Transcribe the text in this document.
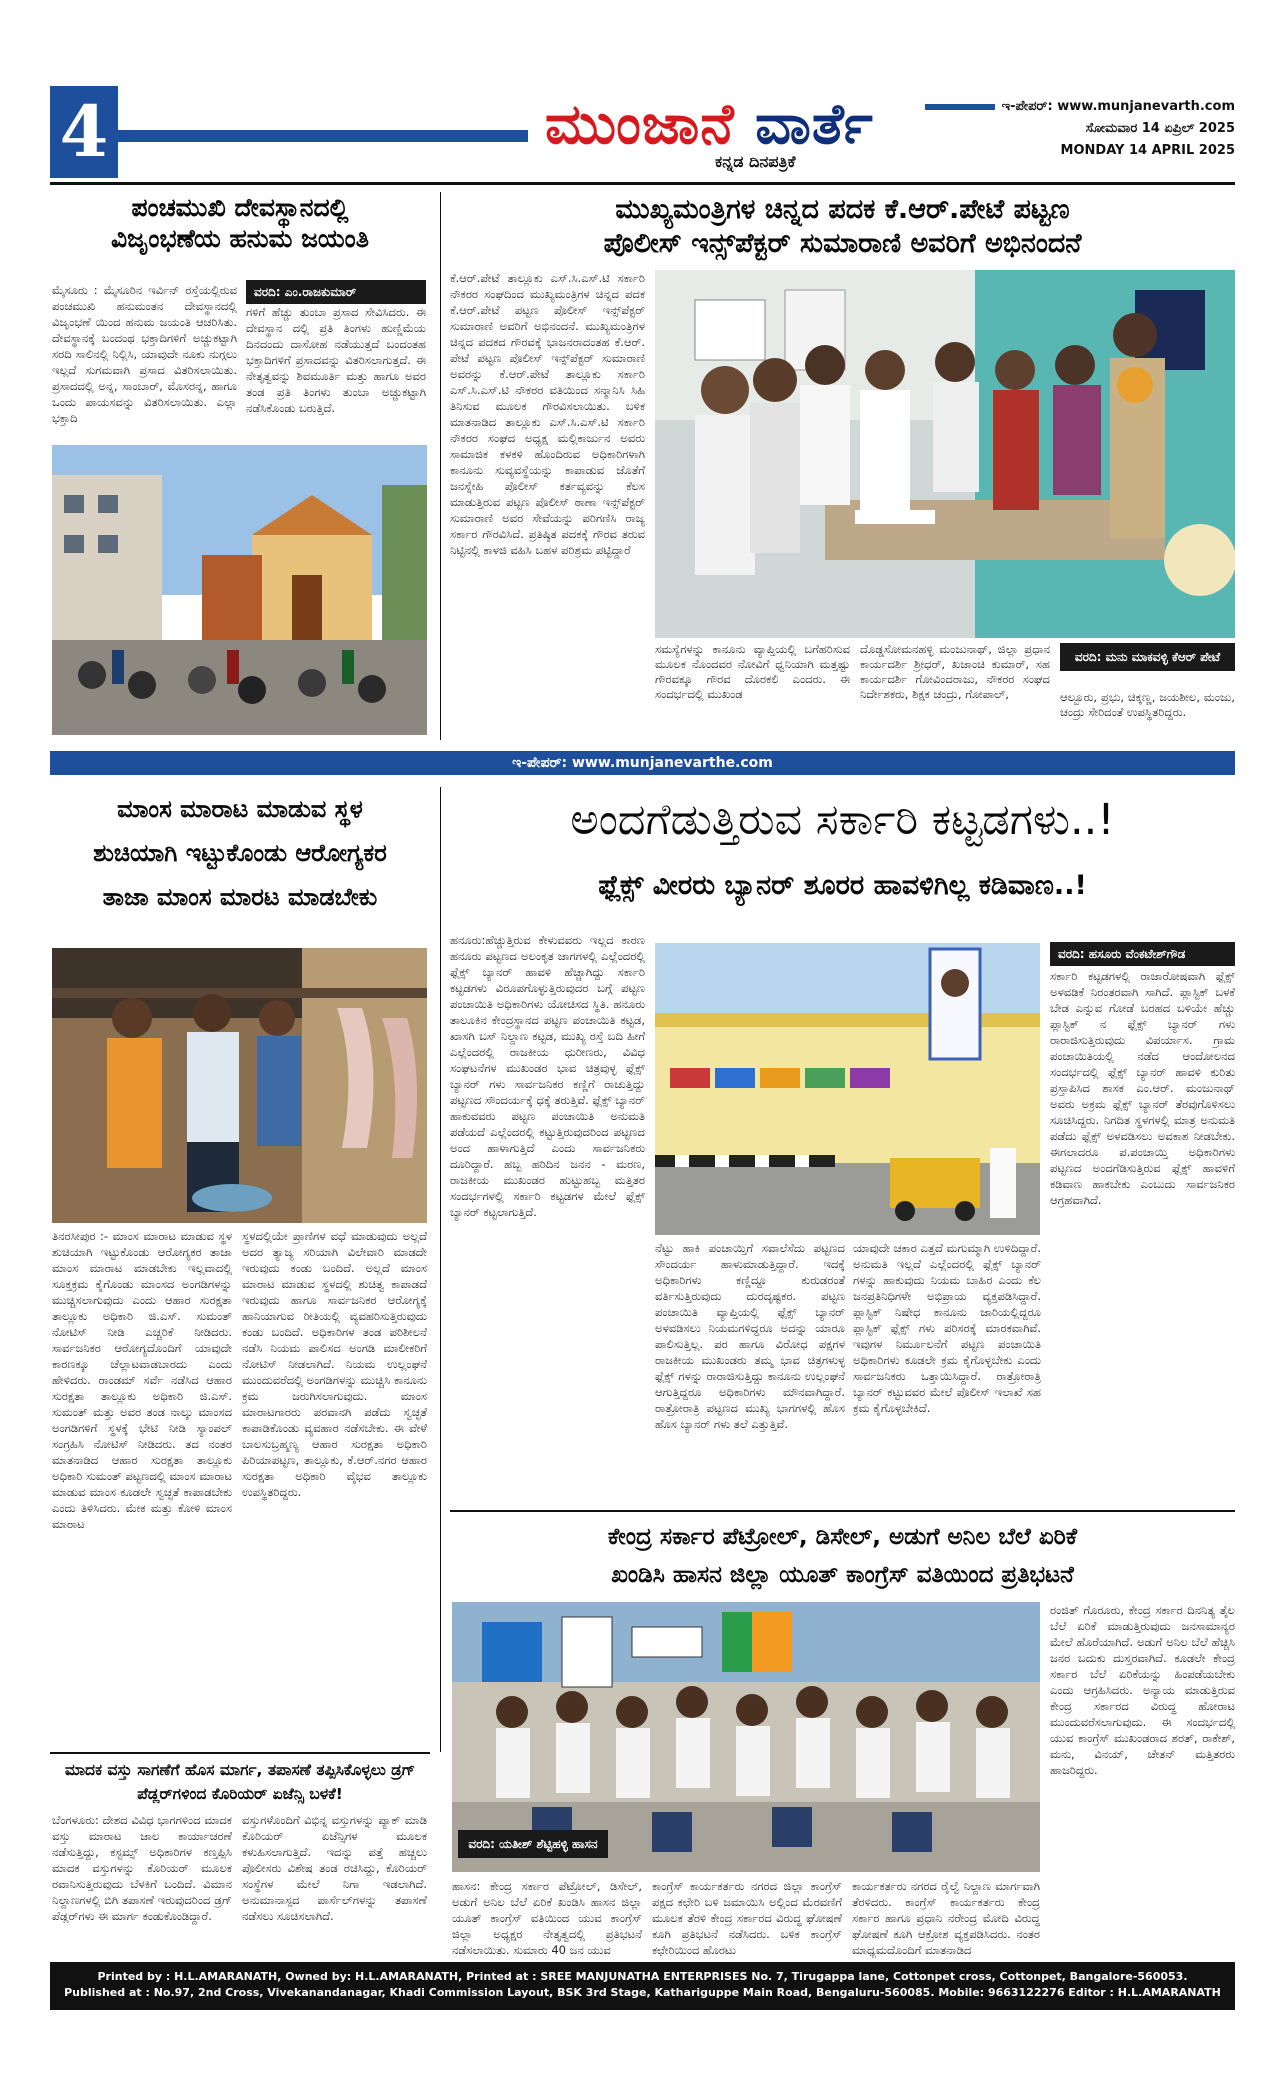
4	ಮುಂಜಾನೆ ವಾರ್ತೆ
ಕನ್ನಡ ದಿನಪತ್ರಿಕೆ
ಇ-ಪೇಪರ್: www.munjanevarth.com
ಸೋಮವಾರ 14 ಏಪ್ರಿಲ್ 2025
MONDAY 14 APRIL 2025
ಪಂಚಮುಖಿ ದೇವಸ್ಥಾನದಲ್ಲಿ
ವಿಜೃಂಭಣೆಯ ಹನುಮ ಜಯಂತಿ
ಮೈಸೂರು : ಮೈಸೂರಿನ ಇರ್ವಿನ್ ರಸ್ತೆಯಲ್ಲಿರುವ ಪಂಚಮುಖಿ ಹನುಮಂತನ ದೇವಸ್ಥಾನದಲ್ಲಿ ವಿಜೃಂಭಣೆ ಯಿಂದ ಹನುಮ ಜಯಂತಿ ಆಚರಿಸಿತು. ದೇವಸ್ಥಾನಕ್ಕೆ ಬಂದಂಥ ಭಕ್ತಾದಿಗಳಿಗೆ ಅಚ್ಚುಕಟ್ಟಾಗಿ ಸರದಿ ಸಾಲಿನಲ್ಲಿ ನಿಲ್ಲಿಸಿ, ಯಾವುದೇ ನೂಕು ನುಗ್ಗಲು ಇಲ್ಲದೆ ಸುಗಮವಾಗಿ ಪ್ರಸಾದ ವಿತರಿಸಲಾಯಿತು. ಪ್ರಸಾದದಲ್ಲಿ ಅನ್ನ, ಸಾಂಬಾರ್, ಮೊಸರನ್ನ, ಹಾಗೂ ಒಂದು ಪಾಯಸವನ್ನು ವಿತರಿಸಲಾಯಿತು. ಎಲ್ಲಾ ಭಕ್ತಾದಿ
ವರದಿ: ಎಂ.ರಾಜಕುಮಾರ್
ಗಳಿಗೆ ಹೆಚ್ಚು ತುಂಬಾ ಪ್ರಸಾದ ಸೇವಿಸಿದರು. ಈ ದೇವಸ್ಥಾನ ದಲ್ಲಿ ಪ್ರತಿ ತಿಂಗಳು ಹುಣ್ಣಿಮೆಯ ದಿನದಂದು ದಾಸೋಹ ನಡೆಯುತ್ತದೆ ಬಂದಂತಹ ಭಕ್ತಾದಿಗಳಿಗೆ ಪ್ರಸಾದವನ್ನು ವಿತರಿಸಲಾಗುತ್ತದೆ. ಈ ನೇತೃತ್ವವನ್ನು ಶಿವಮೂರ್ತಿ ಮತ್ತು ಹಾಗೂ ಅವರ ತಂಡ ಪ್ರತಿ ತಿಂಗಳು ತುಂಬಾ ಅಚ್ಚುಕಟ್ಟಾಗಿ ನಡೆಸಿಕೊಂಡು ಬರುತ್ತಿದೆ.
ಮುಖ್ಯಮಂತ್ರಿಗಳ ಚಿನ್ನದ ಪದಕ ಕೆ.ಆರ್.ಪೇಟೆ ಪಟ್ಟಣ
ಪೊಲೀಸ್ ಇನ್ಸ್‌ಪೆಕ್ಟರ್ ಸುಮಾರಾಣಿ ಅವರಿಗೆ ಅಭಿನಂದನೆ
ಕೆ.ಆರ್.ಪೇಟೆ ತಾಲ್ಲೂಕು ಎಸ್.ಸಿ.ಎಸ್.ಟಿ ಸರ್ಕಾರಿ ನೌಕರರ ಸಂಘದಿಂದ ಮುಖ್ಯಮಂತ್ರಿಗಳ ಚಿನ್ನದ ಪದಕ ಕೆ.ಆರ್.ಪೇಟೆ ಪಟ್ಟಣ ಪೊಲೀಸ್ ಇನ್ಸ್‌ಪೆಕ್ಟರ್ ಸುಮಾರಾಣಿ ಅವರಿಗೆ ಅಭಿನಂದನೆ. ಮುಖ್ಯಮಂತ್ರಿಗಳ ಚಿನ್ನದ ಪದಕದ ಗೌರವಕ್ಕೆ ಭಾಜನರಾದಂತಹ ಕೆ.ಆರ್. ಪೇಟೆ ಪಟ್ಟಣ ಪೊಲೀಸ್ ಇನ್ಸ್‌ಪೆಕ್ಟರ್ ಸುಮಾರಾಣಿ ಅವರನ್ನು ಕೆ.ಆರ್.ಪೇಟೆ ತಾಲ್ಲೂಕು ಸರ್ಕಾರಿ ಎಸ್.ಸಿ.ಎಸ್.ಟಿ ನೌಕರರ ವತಿಯಿಂದ ಸನ್ಮಾನಿಸಿ ಸಿಹಿ ತಿನಿಸುವ ಮೂಲಕ ಗೌರವಿಸಲಾಯಿತು. ಬಳಿಕ ಮಾತನಾಡಿದ ತಾಲ್ಲೂಕು ಎಸ್.ಸಿ.ಎಸ್.ಟಿ ಸರ್ಕಾರಿ ನೌಕರರ ಸಂಘದ ಅಧ್ಯಕ್ಷ ಮಲ್ಲಿಕಾರ್ಜುನ ಅವರು ಸಾಮಾಜಿಕ ಕಳಕಳಿ ಹೊಂದಿರುವ ಅಧಿಕಾರಿಗಳಾಗಿ ಕಾನೂನು ಸುವ್ಯವಸ್ಥೆಯನ್ನು ಕಾಪಾಡುವ ಜೊತೆಗೆ ಜನಸ್ನೇಹಿ ಪೊಲೀಸ್ ಕರ್ತವ್ಯವನ್ನು ಕೆಲಸ ಮಾಡುತ್ತಿರುವ ಪಟ್ಟಣ ಪೊಲೀಸ್ ಠಾಣಾ ಇನ್ಸ್‌ಪೆಕ್ಟರ್ ಸುಮಾರಾಣಿ ಅವರ ಸೇವೆಯನ್ನು ಪರಿಗಣಿಸಿ ರಾಜ್ಯ ಸರ್ಕಾರ ಗೌರವಿಸಿದೆ. ಪ್ರತಿಷ್ಠಿತ ಪದಕಕ್ಕೆ ಗೌರವ ತರುವ ನಿಟ್ಟಿನಲ್ಲಿ ಕಾಳಜಿ ವಹಿಸಿ ಬಹಳ ಪರಿಶ್ರಮ ಪಟ್ಟಿದ್ದಾರೆ
ಸಮಸ್ಯೆಗಳನ್ನು ಕಾನೂನು ವ್ಯಾಪ್ತಿಯಲ್ಲಿ ಬಗೆಹರಿಸುವ ಮೂಲಕ ನೊಂದವರ ನೋವಿಗೆ ಧ್ವನಿಯಾಗಿ ಮತ್ತಷ್ಟು ಗೌರವಕ್ಕೂ ಗೌರವ ದೊರಕಲಿ ಎಂದರು. ಈ ಸಂದರ್ಭದಲ್ಲಿ ಮುಖಂಡ
ದೊಡ್ಡಸೋಮನಹಳ್ಳಿ ಮಂಜುನಾಥ್, ಜಿಲ್ಲಾ ಪ್ರಧಾನ ಕಾರ್ಯದರ್ಶಿ ಶ್ರೀಧರ್, ಖಜಾಂಚಿ ಕುಮಾರ್, ಸಹ ಕಾರ್ಯದರ್ಶಿ ಗೋವಿಂದರಾಜು, ನೌಕರರ ಸಂಘದ ನಿರ್ದೇಶಕರು, ಶಿಕ್ಷಕ ಚಂದ್ರು, ಗೋಪಾಲ್,
ವರದಿ: ಮನು ಮಾಕವಳ್ಳಿ ಕೆಆರ್ ಪೇಟೆ
ಆಲ್ಬೂರು, ಪ್ರಭು, ಚಿಕ್ಕಣ್ಣ, ಜಯಶೀಲ, ಮಂಜು, ಚಂದ್ರು ಸೇರಿದಂತೆ ಉಪಸ್ಥಿತರಿದ್ದರು.
ಇ-ಪೇಪರ್: www.munjanevarthe.com
ಮಾಂಸ ಮಾರಾಟ ಮಾಡುವ ಸ್ಥಳ
ಶುಚಿಯಾಗಿ ಇಟ್ಟುಕೊಂಡು ಆರೋಗ್ಯಕರ
ತಾಜಾ ಮಾಂಸ ಮಾರಟ ಮಾಡಬೇಕು
ತಿನರಸೀಪುರ :- ಮಾಂಸ ಮಾರಾಟ ಮಾಡುವ ಸ್ಥಳ ಶುಚಿಯಾಗಿ ಇಟ್ಟುಕೊಂಡು ಆರೋಗ್ಯಕರ ತಾಜಾ ಮಾಂಸ ಮಾರಾಟ ಮಾಡಬೇಕು ಇಲ್ಲವಾದಲ್ಲಿ ಸೂಕ್ತಕ್ರಮ ಕೈಗೊಂಡು ಮಾಂಸದ ಅಂಗಡಿಗಳನ್ನು ಮುಚ್ಚಿಸಲಾಗುವುದು ಎಂದು ಆಹಾರ ಸುರಕ್ಷತಾ ತಾಲ್ಲೂಕು ಅಧಿಕಾರಿ ಜಿ.ಎಸ್. ಸುಮಂತ್ ನೋಟಿಸ್ ನೀಡಿ ಎಚ್ಚರಿಕೆ ನೀಡಿದರು. ಸಾರ್ವಜನಿಕರ ಆರೋಗ್ಯದೊಂದಿಗೆ ಯಾವುದೇ ಕಾರಣಕ್ಕೂ ಚೆಲ್ಲಾಟವಾಡಬಾರದು ಎಂದು ಹೇಳಿದರು. ರಾಂಡಮ್ ಸರ್ವೆ ನಡೆಸಿದ ಆಹಾರ ಸುರಕ್ಷತಾ ತಾಲ್ಲೂಕು ಅಧಿಕಾರಿ ಜಿ.ಎಸ್. ಸುಮಂತ್ ಮತ್ತು ಅವರ ತಂಡ ನಾಲ್ಕು ಮಾಂಸದ ಅಂಗಡಿಗಳಿಗೆ ಸ್ಥಳಕ್ಕೆ ಭೇಟಿ ನೀಡಿ ಸ್ಯಾಂಪಲ್ ಸಂಗ್ರಹಿಸಿ ನೋಟಿಸ್ ನೀಡಿದರು. ತದ ನಂತರ ಮಾತನಾಡಿದ ಆಹಾರ ಸುರಕ್ಷತಾ ತಾಲ್ಲೂಕು ಅಧಿಕಾರಿ ಸುಮಂತ್ ಪಟ್ಟಣದಲ್ಲಿ ಮಾಂಸ ಮಾರಾಟ ಮಾಡುವ ಮಾಂಸ ಕೂಡಲೇ ಸ್ವಚ್ಛತೆ ಕಾಪಾಡಬೇಕು ಎಂದು ತಿಳಿಸಿದರು. ಮೇಕ ಮತ್ತು ಕೋಳಿ ಮಾಂಸ ಮಾರಾಟ
ಸ್ಥಳದಲ್ಲಿಯೇ ಪ್ರಾಣಿಗಳ ವಧೆ ಮಾಡುವುದು ಅಲ್ಲದೆ ಅದರ ತ್ಯಾಜ್ಯ ಸರಿಯಾಗಿ ವಿಲೇವಾರಿ ಮಾಡದೇ ಇರುವುದು ಕಂಡು ಬಂದಿದೆ. ಅಲ್ಲದೆ ಮಾಂಸ ಮಾರಾಟ ಮಾಡುವ ಸ್ಥಳದಲ್ಲಿ ಶುಚಿತ್ವ ಕಾಪಾಡದೆ ಇರುವುದು ಹಾಗೂ ಸಾರ್ವಜನಿಕರ ಆರೋಗ್ಯಕ್ಕೆ ಹಾನಿಯಾಗುವ ರೀತಿಯಲ್ಲಿ ವ್ಯವಹರಿಸುತ್ತಿರುವುದು ಕಂಡು ಬಂದಿದೆ. ಅಧಿಕಾರಿಗಳ ತಂಡ ಪರಿಶೀಲನೆ ನಡೆಸಿ ನಿಯಮ ಪಾಲಿಸದ ಅಂಗಡಿ ಮಾಲೀಕರಿಗೆ ನೋಟಿಸ್ ನೀಡಲಾಗಿದೆ. ನಿಯಮ ಉಲ್ಲಂಘನೆ ಮುಂದುವರೆದಲ್ಲಿ ಅಂಗಡಿಗಳನ್ನು ಮುಚ್ಚಿಸಿ ಕಾನೂನು ಕ್ರಮ ಜರುಗಿಸಲಾಗುವುದು. ಮಾಂಸ ಮಾರಾಟಗಾರರು ಪರವಾನಗಿ ಪಡೆದು ಸ್ವಚ್ಛತೆ ಕಾಪಾಡಿಕೊಂಡು ವ್ಯವಹಾರ ನಡೆಸಬೇಕು. ಈ ವೇಳೆ ಬಾಲಸುಬ್ರಹ್ಮಣ್ಯ ಆಹಾರ ಸುರಕ್ಷತಾ ಅಧಿಕಾರಿ ಪಿರಿಯಾಪಟ್ಟಣ, ತಾಲ್ಲೂಕು, ಕೆ.ಆರ್.ನಗರ ಆಹಾರ ಸುರಕ್ಷತಾ ಅಧಿಕಾರಿ ವೈಭವ ತಾಲ್ಲೂಕು ಉಪಸ್ಥಿತರಿದ್ದರು.
ಅಂದಗೆಡುತ್ತಿರುವ ಸರ್ಕಾರಿ ಕಟ್ಟಡಗಳು..!
ಫ್ಲೆಕ್ಸ್ ವೀರರು ಬ್ಯಾನರ್ ಶೂರರ ಹಾವಳಿಗಿಲ್ಲ ಕಡಿವಾಣ..!
ಹನೂರು:ಹೆಚ್ಚುತ್ತಿರುವ ಕೇಳುವವರು ಇಲ್ಲದ ಕಾರಣ ಹನೂರು ಪಟ್ಟಣದ ಅಲಂಕೃತ ಜಾಗಗಳಲ್ಲಿ ಎಲ್ಲೆಂದರಲ್ಲಿ ಫ್ಲೆಕ್ಸ್ ಬ್ಯಾನರ್ ಹಾವಳಿ ಹೆಚ್ಚಾಗಿದ್ದು ಸರ್ಕಾರಿ ಕಟ್ಟಡಗಳು ವಿರೂಪಗೊಳ್ಳುತ್ತಿರುವುದರ ಬಗ್ಗೆ ಪಟ್ಟಣ ಪಂಚಾಯಿತಿ ಅಧಿಕಾರಿಗಳು ಯೋಚಿಸದ ಸ್ಥಿತಿ. ಹನೂರು ತಾಲೂಕಿನ ಕೇಂದ್ರಸ್ಥಾನದ ಪಟ್ಟಣ ಪಂಚಾಯಿತಿ ಕಟ್ಟಡ, ಖಾಸಗಿ ಬಸ್ ನಿಲ್ದಾಣ ಕಟ್ಟಡ, ಮುಖ್ಯ ರಸ್ತೆ ಬದಿ ಹೀಗೆ ಎಲ್ಲೆಂದರಲ್ಲಿ ರಾಜಕೀಯ ಧುರೀಣರು, ವಿವಿಧ ಸಂಘಟನೆಗಳ ಮುಖಂಡರ ಭಾವ ಚಿತ್ರವುಳ್ಳ ಫ್ಲೆಕ್ಸ್ ಬ್ಯಾನರ್ ಗಳು ಸಾರ್ವಜನಿಕರ ಕಣ್ಣಿಗೆ ರಾಚುತ್ತಿದ್ದು ಪಟ್ಟಣದ ಸೌಂದರ್ಯಕ್ಕೆ ಧಕ್ಕೆ ತರುತ್ತಿವೆ. ಫ್ಲೆಕ್ಸ್ ಬ್ಯಾನರ್ ಹಾಕುವವರು ಪಟ್ಟಣ ಪಂಚಾಯಿತಿ ಅನುಮತಿ ಪಡೆಯದೆ ಎಲ್ಲೆಂದರಲ್ಲಿ ಕಟ್ಟುತ್ತಿರುವುದರಿಂದ ಪಟ್ಟಣದ ಅಂದ ಹಾಳಾಗುತ್ತಿದೆ ಎಂದು ಸಾರ್ವಜನಿಕರು ದೂರಿದ್ದಾರೆ. ಹಬ್ಬ ಹರಿದಿನ ಜನನ - ಮರಣ, ರಾಜಕೀಯ ಮುಖಂಡರ ಹುಟ್ಟುಹಬ್ಬ ಮತ್ತಿತರ ಸಂದರ್ಭಗಳಲ್ಲಿ ಸರ್ಕಾರಿ ಕಟ್ಟಡಗಳ ಮೇಲೆ ಫ್ಲೆಕ್ಸ್ ಬ್ಯಾನರ್ ಕಟ್ಟಲಾಗುತ್ತಿದೆ.
ನೆಟ್ಟು ಹಾಕಿ ಪಂಚಾಯ್ತಿಗೆ ಸವಾಲೆಸೆದು ಪಟ್ಟಣದ ಸೌಂದರ್ಯ ಹಾಳುಮಾಡುತ್ತಿದ್ದಾರೆ. ಇದಕ್ಕೆ ಅಧಿಕಾರಿಗಳು ಕಣ್ಣಿದ್ದೂ ಕುರುಡರಂತೆ ವರ್ತಿಸುತ್ತಿರುವುದು ದುರದೃಷ್ಟಕರ. ಪಟ್ಟಣ ಪಂಚಾಯಿತಿ ವ್ಯಾಪ್ತಿಯಲ್ಲಿ ಫ್ಲೆಕ್ಸ್ ಬ್ಯಾನರ್ ಅಳವಡಿಸಲು ನಿಯಮಗಳಿದ್ದರೂ ಅದನ್ನು ಯಾರೂ ಪಾಲಿಸುತ್ತಿಲ್ಲ. ಪರ ಹಾಗೂ ವಿರೋಧ ಪಕ್ಷಗಳ ರಾಜಕೀಯ ಮುಖಂಡರು ತಮ್ಮ ಭಾವ ಚಿತ್ರಗಳುಳ್ಳ ಫ್ಲೆಕ್ಸ್ ಗಳನ್ನು ರಾರಾಜಿಸುತ್ತಿದ್ದು ಕಾನೂನು ಉಲ್ಲಂಘನೆ ಆಗುತ್ತಿದ್ದರೂ ಅಧಿಕಾರಿಗಳು ಮೌನವಾಗಿದ್ದಾರೆ. ರಾತ್ರೋರಾತ್ರಿ ಪಟ್ಟಣದ ಮುಖ್ಯ ಭಾಗಗಳಲ್ಲಿ ಹೊಸ ಹೊಸ ಬ್ಯಾನರ್ ಗಳು ತಲೆ ಎತ್ತುತ್ತಿವೆ.
ಯಾವುದೇ ಚಕಾರ ಎತ್ತದೆ ಮಗುಮ್ಮಾಗಿ ಉಳಿದಿದ್ದಾರೆ. ಅನುಮತಿ ಇಲ್ಲದೆ ಎಲ್ಲೆಂದರಲ್ಲಿ ಫ್ಲೆಕ್ಸ್ ಬ್ಯಾನರ್ ಗಳನ್ನು ಹಾಕುವುದು ನಿಯಮ ಬಾಹಿರ ಎಂದು ಕೆಲ ಜನಪ್ರತಿನಿಧಿಗಳೇ ಅಭಿಪ್ರಾಯ ವ್ಯಕ್ತಪಡಿಸಿದ್ದಾರೆ. ಪ್ಲಾಸ್ಟಿಕ್ ನಿಷೇಧ ಕಾನೂನು ಜಾರಿಯಲ್ಲಿದ್ದರೂ ಪ್ಲಾಸ್ಟಿಕ್ ಫ್ಲೆಕ್ಸ್ ಗಳು ಪರಿಸರಕ್ಕೆ ಮಾರಕವಾಗಿವೆ. ಇವುಗಳ ನಿರ್ಮೂಲನೆಗೆ ಪಟ್ಟಣ ಪಂಚಾಯಿತಿ ಅಧಿಕಾರಿಗಳು ಕೂಡಲೇ ಕ್ರಮ ಕೈಗೊಳ್ಳಬೇಕು ಎಂದು ಸಾರ್ವಜನಿಕರು ಒತ್ತಾಯಿಸಿದ್ದಾರೆ. ರಾತ್ರೋರಾತ್ರಿ ಬ್ಯಾನರ್ ಕಟ್ಟುವವರ ಮೇಲೆ ಪೊಲೀಸ್ ಇಲಾಖೆ ಸಹ ಕ್ರಮ ಕೈಗೊಳ್ಳಬೇಕಿದೆ.
ವರದಿ: ಹಸೂರು ವೆಂಕಟೇಶ್‌ಗೌಡ
ಸರ್ಕಾರಿ ಕಟ್ಟಡಗಳಲ್ಲಿ ರಾಜಾರೋಷವಾಗಿ ಫ್ಲೆಕ್ಸ್ ಅಳವಡಿಕೆ ನಿರಂತರವಾಗಿ ಸಾಗಿದೆ. ಪ್ಲಾಸ್ಟಿಕ್ ಬಳಕೆ ಬೇಡ ಎನ್ನುವ ಗೋಡೆ ಬರಹದ ಬಳಿಯೇ ಹೆಚ್ಚು ಪ್ಲಾಸ್ಟಿಕ್ ನ ಫ್ಲೆಕ್ಸ್ ಬ್ಯಾನರ್ ಗಳು ರಾರಾಜಿಸುತ್ತಿರುವುದು ವಿಪರ್ಯಾಸ. ಗ್ರಾಮ ಪಂಚಾಯಿತಿಯಲ್ಲಿ ನಡೆದ ಆಂದೋಲನದ ಸಂದರ್ಭದಲ್ಲಿ ಫ್ಲೆಕ್ಸ್ ಬ್ಯಾನರ್ ಹಾವಳಿ ಕುರಿತು ಪ್ರಸ್ತಾಪಿಸಿದ ಶಾಸಕ ಎಂ.ಆರ್. ಮಂಜುನಾಥ್ ಅವರು ಅಕ್ರಮ ಫ್ಲೆಕ್ಸ್ ಬ್ಯಾನರ್ ತೆರವುಗೊಳಿಸಲು ಸೂಚಿಸಿದ್ದರು. ನಿಗದಿತ ಸ್ಥಳಗಳಲ್ಲಿ ಮಾತ್ರ ಅನುಮತಿ ಪಡೆದು ಫ್ಲೆಕ್ಸ್ ಅಳವಡಿಸಲು ಅವಕಾಶ ನೀಡಬೇಕು. ಈಗಲಾದರೂ ಪ.ಪಂಚಾಯ್ತಿ ಅಧಿಕಾರಿಗಳು ಪಟ್ಟಣದ ಅಂದಗೆಡಿಸುತ್ತಿರುವ ಫ್ಲೆಕ್ಸ್ ಹಾವಳಿಗೆ ಕಡಿವಾಣ ಹಾಕಬೇಕು ಎಂಬುದು ಸಾರ್ವಜನಿಕರ ಆಗ್ರಹವಾಗಿದೆ.
ಮಾದಕ ವಸ್ತು ಸಾಗಣೆಗೆ ಹೊಸ ಮಾರ್ಗ, ತಪಾಸಣೆ ತಪ್ಪಿಸಿಕೊಳ್ಳಲು ಡ್ರಗ್ ಪೆಡ್ಲರ್‌ಗಳಿಂದ ಕೊರಿಯರ್ ಏಜೆನ್ಸಿ ಬಳಕೆ!
ಬೆಂಗಳೂರು: ದೇಶದ ವಿವಿಧ ಭಾಗಗಳಿಂದ ಮಾದಕ ವಸ್ತು ಮಾರಾಟ ಜಾಲ ಕಾರ್ಯಾಚರಣೆ ನಡೆಸುತ್ತಿದ್ದು, ಕಸ್ಟಮ್ಸ್ ಅಧಿಕಾರಿಗಳ ಕಣ್ತಪ್ಪಿಸಿ ಮಾದಕ ವಸ್ತುಗಳನ್ನು ಕೊರಿಯರ್ ಮೂಲಕ ರವಾನಿಸುತ್ತಿರುವುದು ಬೆಳಕಿಗೆ ಬಂದಿದೆ. ವಿಮಾನ ನಿಲ್ದಾಣಗಳಲ್ಲಿ ಬಿಗಿ ತಪಾಸಣೆ ಇರುವುದರಿಂದ ಡ್ರಗ್ ಪೆಡ್ಲರ್‌ಗಳು ಈ ಮಾರ್ಗ ಕಂಡುಕೊಂಡಿದ್ದಾರೆ.
ವಸ್ತುಗಳೊಂದಿಗೆ ವಿಭಿನ್ನ ವಸ್ತುಗಳನ್ನು ಪ್ಯಾಕ್ ಮಾಡಿ ಕೊರಿಯರ್ ಏಜೆನ್ಸಿಗಳ ಮೂಲಕ ಕಳುಹಿಸಲಾಗುತ್ತಿದೆ. ಇದನ್ನು ಪತ್ತೆ ಹಚ್ಚಲು ಪೊಲೀಸರು ವಿಶೇಷ ತಂಡ ರಚಿಸಿದ್ದು, ಕೊರಿಯರ್ ಸಂಸ್ಥೆಗಳ ಮೇಲೆ ನಿಗಾ ಇಡಲಾಗಿದೆ. ಅನುಮಾನಾಸ್ಪದ ಪಾರ್ಸೆಲ್‌ಗಳನ್ನು ತಪಾಸಣೆ ನಡೆಸಲು ಸೂಚಿಸಲಾಗಿದೆ.
ಕೇಂದ್ರ ಸರ್ಕಾರ ಪೆಟ್ರೋಲ್, ಡಿಸೇಲ್, ಅಡುಗೆ ಅನಿಲ ಬೆಲೆ ಏರಿಕೆ
ಖಂಡಿಸಿ ಹಾಸನ ಜಿಲ್ಲಾ ಯೂತ್ ಕಾಂಗ್ರೆಸ್ ವತಿಯಿಂದ ಪ್ರತಿಭಟನೆ
ವರದಿ: ಯತೀಶ್ ಶೆಟ್ಟಿಹಳ್ಳಿ ಹಾಸನ
ಹಾಸನ: ಕೇಂದ್ರ ಸರ್ಕಾರ ಪೆಟ್ರೋಲ್, ಡಿಸೇಲ್, ಅಡುಗೆ ಅನಿಲ ಬೆಲೆ ಏರಿಕೆ ಖಂಡಿಸಿ ಹಾಸನ ಜಿಲ್ಲಾ ಯೂತ್ ಕಾಂಗ್ರೆಸ್ ವತಿಯಿಂದ ಯುವ ಕಾಂಗ್ರೆಸ್ ಜಿಲ್ಲಾ ಅಧ್ಯಕ್ಷರ ನೇತೃತ್ವದಲ್ಲಿ ಪ್ರತಿಭಟನೆ ನಡೆಸಲಾಯಿತು. ಸುಮಾರು 40 ಜನ ಯುವ
ಕಾಂಗ್ರೆಸ್ ಕಾರ್ಯಕರ್ತರು ನಗರದ ಜಿಲ್ಲಾ ಕಾಂಗ್ರೆಸ್ ಪಕ್ಷದ ಕಛೇರಿ ಬಳಿ ಜಮಾಯಿಸಿ ಅಲ್ಲಿಂದ ಮೆರವಣಿಗೆ ಮೂಲಕ ತೆರಳಿ ಕೇಂದ್ರ ಸರ್ಕಾರದ ವಿರುದ್ಧ ಘೋಷಣೆ ಕೂಗಿ ಪ್ರತಿಭಟನೆ ನಡೆಸಿದರು. ಬಳಿಕ ಕಾಂಗ್ರೆಸ್ ಕಛೇರಿಯಿಂದ ಹೊರಟು
ಕಾರ್ಯಕರ್ತರು ನಗರದ ರೈಲ್ವೆ ನಿಲ್ದಾಣ ಮಾರ್ಗವಾಗಿ ತೆರಳಿದರು. ಕಾಂಗ್ರೆಸ್ ಕಾರ್ಯಕರ್ತರು ಕೇಂದ್ರ ಸರ್ಕಾರ ಹಾಗೂ ಪ್ರಧಾನಿ ನರೇಂದ್ರ ಮೋದಿ ವಿರುದ್ಧ ಘೋಷಣೆ ಕೂಗಿ ಆಕ್ರೋಶ ವ್ಯಕ್ತಪಡಿಸಿದರು. ನಂತರ ಮಾಧ್ಯಮದೊಂದಿಗೆ ಮಾತನಾಡಿದ
ರಂಜಿತ್ ಗೊರೂರು, ಕೇಂದ್ರ ಸರ್ಕಾರ ದಿನನಿತ್ಯ ತೈಲ ಬೆಲೆ ಏರಿಕೆ ಮಾಡುತ್ತಿರುವುದು ಜನಸಾಮಾನ್ಯರ ಮೇಲೆ ಹೊರೆಯಾಗಿದೆ. ಅಡುಗೆ ಅನಿಲ ಬೆಲೆ ಹೆಚ್ಚಿಸಿ ಜನರ ಬದುಕು ದುಸ್ತರವಾಗಿದೆ. ಕೂಡಲೇ ಕೇಂದ್ರ ಸರ್ಕಾರ ಬೆಲೆ ಏರಿಕೆಯನ್ನು ಹಿಂಪಡೆಯಬೇಕು ಎಂದು ಆಗ್ರಹಿಸಿದರು. ಅನ್ಯಾಯ ಮಾಡುತ್ತಿರುವ ಕೇಂದ್ರ ಸರ್ಕಾರದ ವಿರುದ್ಧ ಹೋರಾಟ ಮುಂದುವರೆಸಲಾಗುವುದು. ಈ ಸಂದರ್ಭದಲ್ಲಿ ಯುವ ಕಾಂಗ್ರೆಸ್ ಮುಖಂಡರಾದ ಶರತ್, ರಾಕೇಶ್, ಮನು, ವಿನಯ್, ಚೇತನ್ ಮತ್ತಿತರರು ಹಾಜರಿದ್ದರು.
Printed by : H.L.AMARANATH, Owned by: H.L.AMARANATH, Printed at : SREE MANJUNATHA ENTERPRISES No. 7, Tirugappa lane, Cottonpet cross, Cottonpet, Bangalore-560053.
Published at : No.97, 2nd Cross, Vivekanandanagar, Khadi Commission Layout, BSK 3rd Stage, Kathariguppe Main Road, Bengaluru-560085. Mobile: 9663122276 Editor : H.L.AMARANATH
